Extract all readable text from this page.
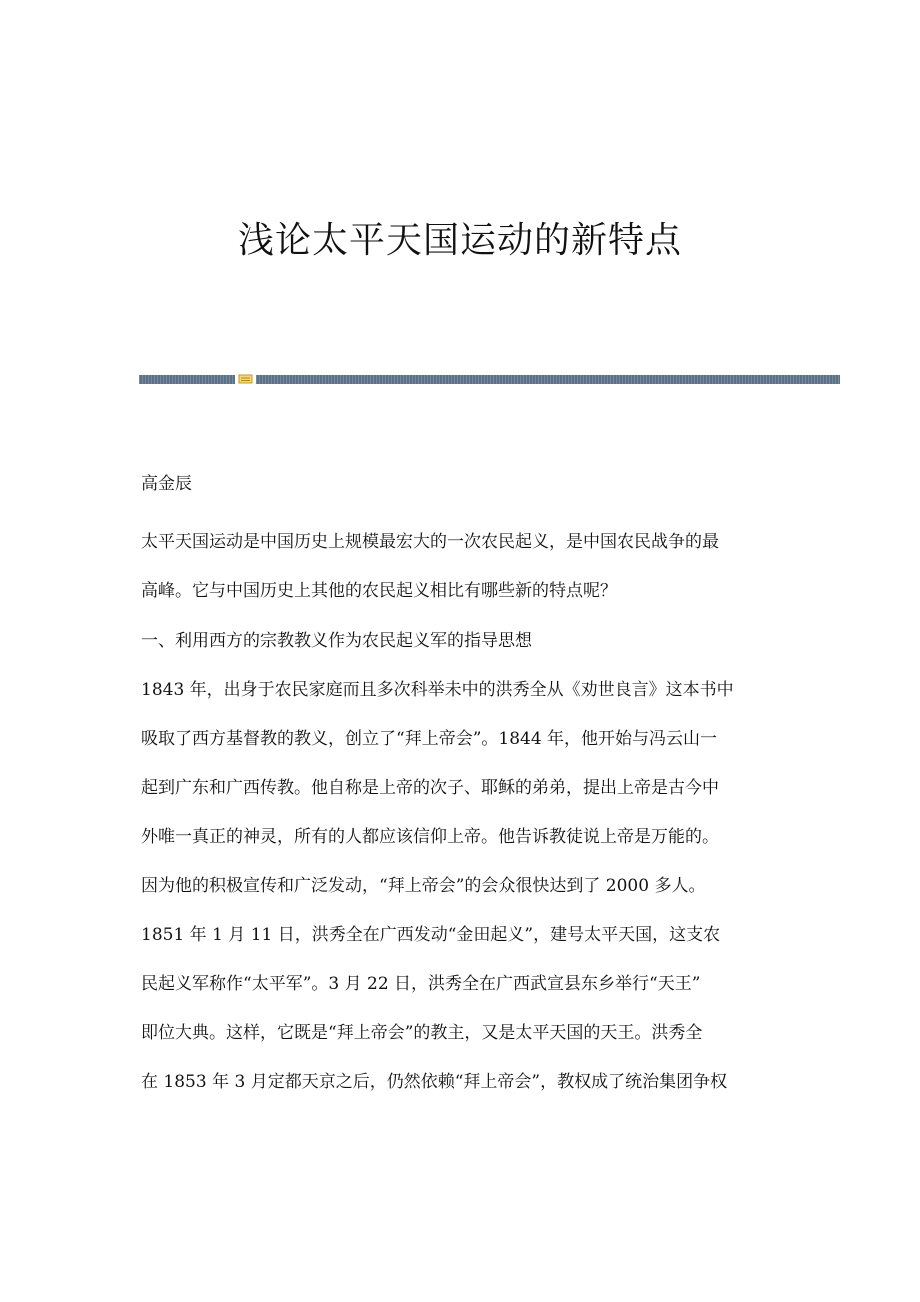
浅论太平天国运动的新特点

高金辰

太平天国运动是中国历史上规模最宏大的一次农民起义，是中国农民战争的最
高峰。它与中国历史上其他的农民起义相比有哪些新的特点呢？

一、利用西方的宗教教义作为农民起义军的指导思想

1843 年，出身于农民家庭而且多次科举未中的洪秀全从《劝世良言》这本书中
吸取了西方基督教的教义，创立了“拜上帝会”。1844 年，他开始与冯云山一
起到广东和广西传教。他自称是上帝的次子、耶稣的弟弟，提出上帝是古今中
外唯一真正的神灵，所有的人都应该信仰上帝。他告诉教徒说上帝是万能的。
因为他的积极宣传和广泛发动，“拜上帝会”的会众很快达到了 2000 多人。
1851 年 1 月 11 日，洪秀全在广西发动“金田起义”，建号太平天国，这支农
民起义军称作“太平军”。3 月 22 日，洪秀全在广西武宣县东乡举行“天王”
即位大典。这样，它既是“拜上帝会”的教主，又是太平天国的天王。洪秀全
在 1853 年 3 月定都天京之后，仍然依赖“拜上帝会”，教权成了统治集团争权
